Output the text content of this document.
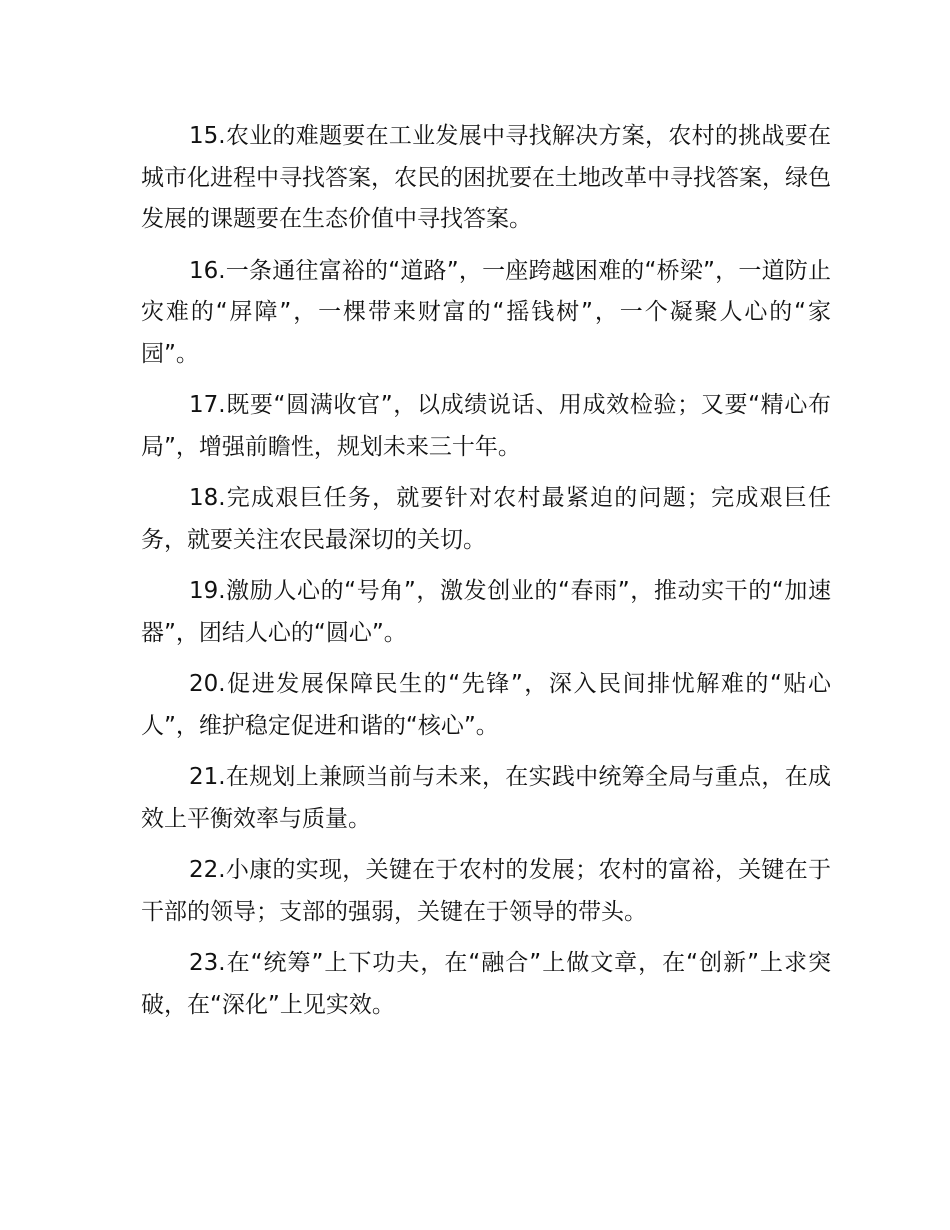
15.农业的难题要在工业发展中寻找解决方案，农村的挑战要在城市化进程中寻找答案，农民的困扰要在土地改革中寻找答案，绿色发展的课题要在生态价值中寻找答案。

16.一条通往富裕的“道路”，一座跨越困难的“桥梁”，一道防止灾难的“屏障”，一棵带来财富的“摇钱树”，一个凝聚人心的“家园”。

17.既要“圆满收官”，以成绩说话、用成效检验；又要“精心布局”，增强前瞻性，规划未来三十年。

18.完成艰巨任务，就要针对农村最紧迫的问题；完成艰巨任务，就要关注农民最深切的关切。

19.激励人心的“号角”，激发创业的“春雨”，推动实干的“加速器”，团结人心的“圆心”。

20.促进发展保障民生的“先锋”，深入民间排忧解难的“贴心人”，维护稳定促进和谐的“核心”。

21.在规划上兼顾当前与未来，在实践中统筹全局与重点，在成效上平衡效率与质量。

22.小康的实现，关键在于农村的发展；农村的富裕，关键在于干部的领导；支部的强弱，关键在于领导的带头。

23.在“统筹”上下功夫，在“融合”上做文章，在“创新”上求突破，在“深化”上见实效。
